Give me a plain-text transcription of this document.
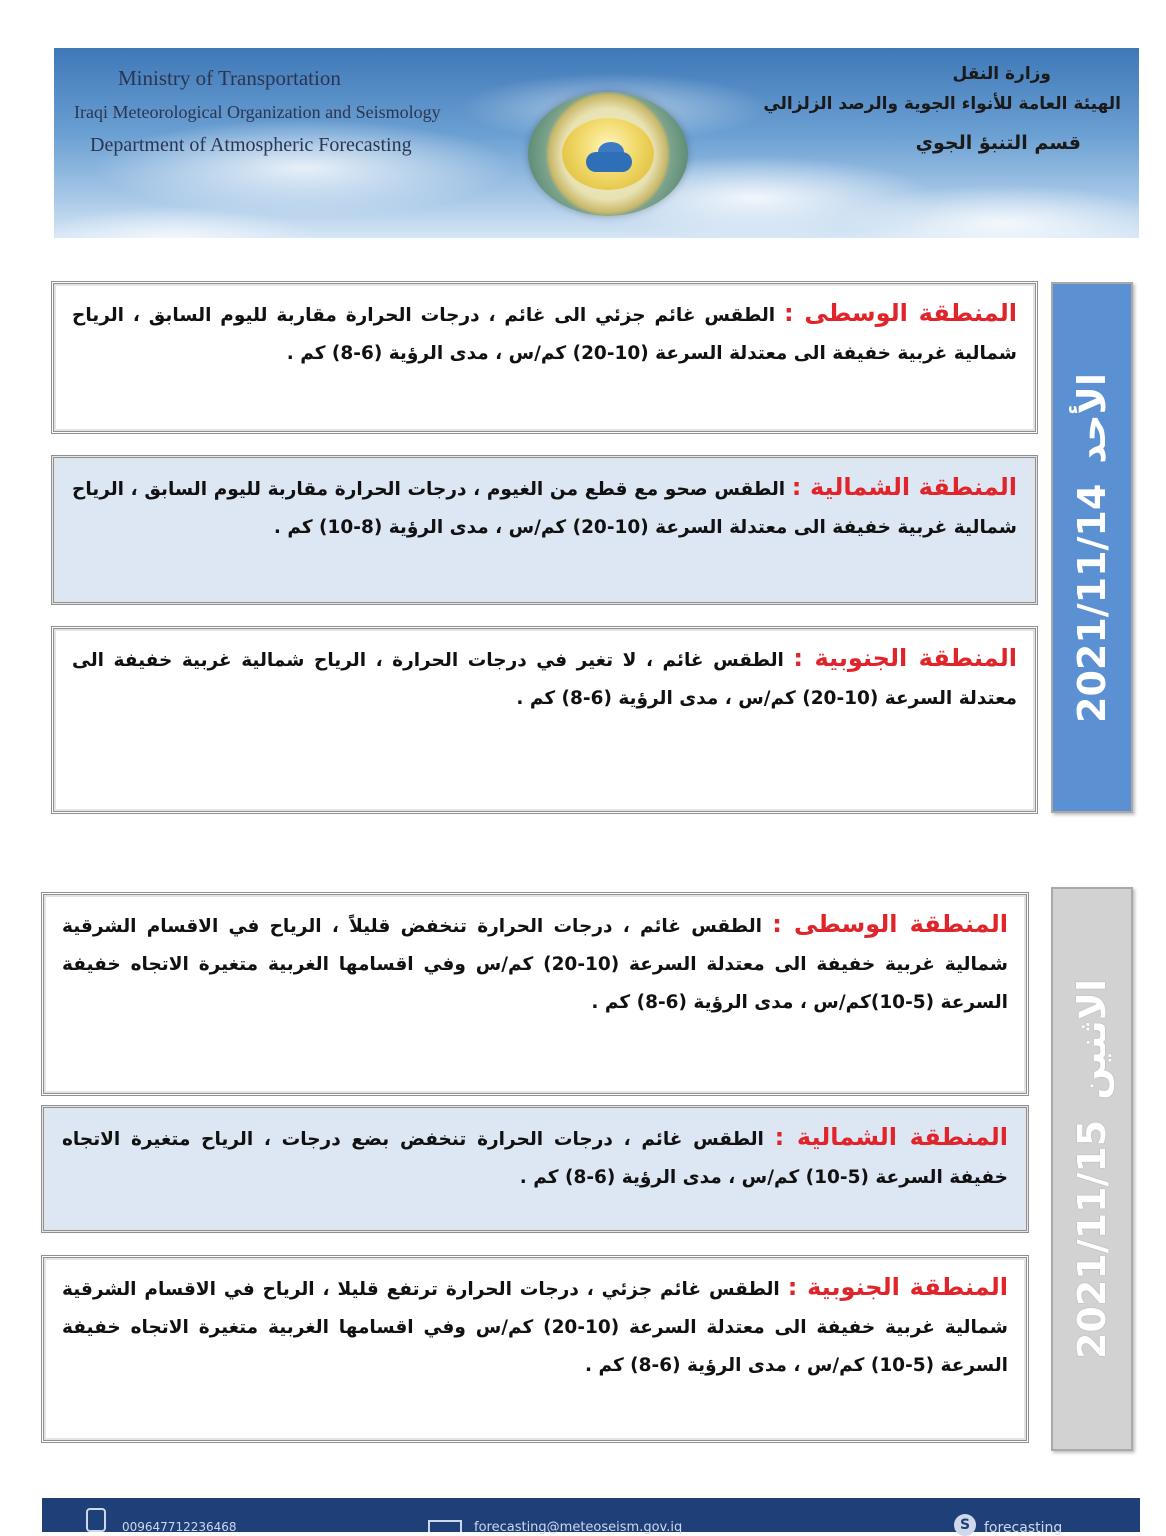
Ministry of Transportation
Iraqi Meteorological Organization and Seismology
Department of Atmospheric Forecasting
وزارة النقل
الهيئة العامة للأنواء الجوية والرصد الزلزالي
قسم التنبؤ الجوي

المنطقة الوسطى : الطقس غائم جزئي الى غائم ، درجات الحرارة مقاربة لليوم السابق ، الرياح شمالية غربية خفيفة الى معتدلة السرعة (10-20) كم/س ، مدى الرؤية (6-8) كم .

المنطقة الشمالية : الطقس صحو مع قطع من الغيوم ، درجات الحرارة مقاربة لليوم السابق ، الرياح شمالية غربية خفيفة الى معتدلة السرعة (10-20) كم/س ، مدى الرؤية (8-10) كم .

المنطقة الجنوبية : الطقس غائم ، لا تغير في درجات الحرارة ، الرياح شمالية غربية خفيفة الى معتدلة السرعة (10-20) كم/س ، مدى الرؤية (6-8) كم . 2021/11/14الأحد

المنطقة الوسطى : الطقس غائم ، درجات الحرارة تنخفض قليلاً ، الرياح في الاقسام الشرقية شمالية غربية خفيفة الى معتدلة السرعة (10-20) كم/س وفي اقسامها الغربية متغيرة الاتجاه خفيفة السرعة (5-10)كم/س ، مدى الرؤية (6-8) كم .

المنطقة الشمالية : الطقس غائم ، درجات الحرارة تنخفض بضع درجات ، الرياح متغيرة الاتجاه خفيفة السرعة (5-10) كم/س ، مدى الرؤية (6-8) كم .

المنطقة الجنوبية : الطقس غائم جزئي ، درجات الحرارة ترتفع قليلا ، الرياح في الاقسام الشرقية شمالية غربية خفيفة الى معتدلة السرعة (10-20) كم/س وفي اقسامها الغربية متغيرة الاتجاه خفيفة السرعة (5-10) كم/س ، مدى الرؤية (6-8) كم .

2021/11/15الاثنين
009647712236468	forecasting@meteoseism.gov.iq	S forecasting
